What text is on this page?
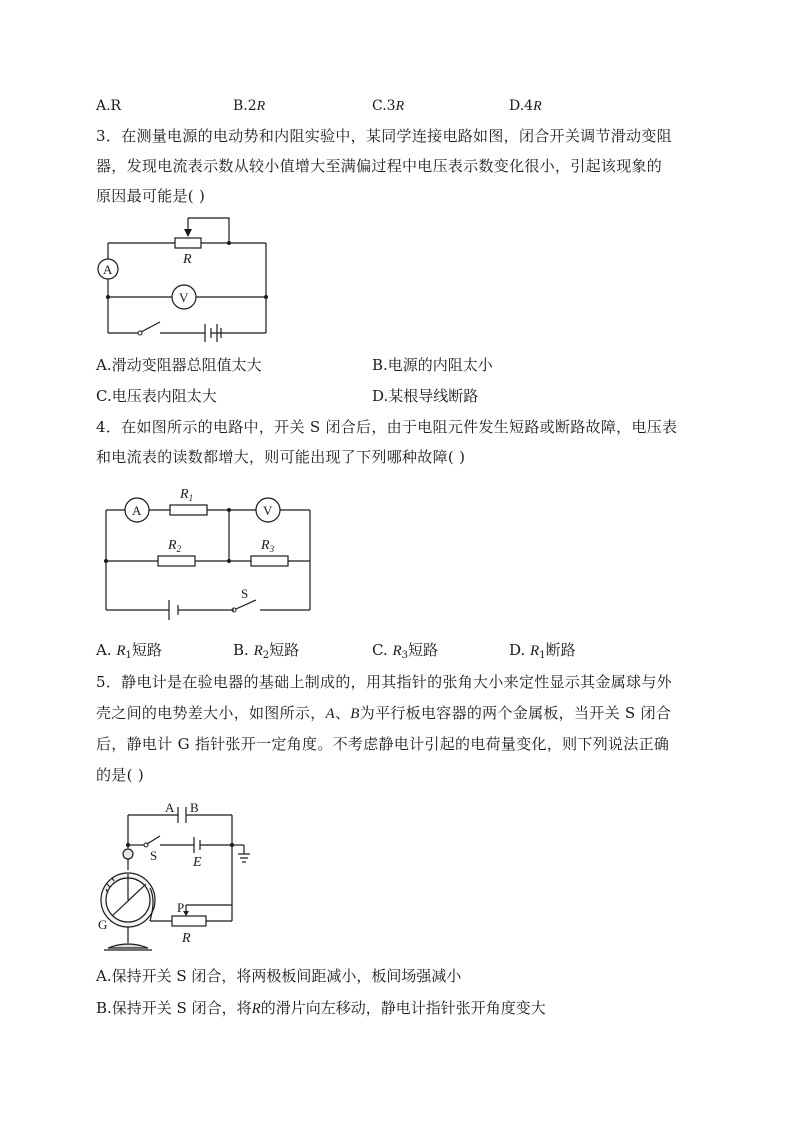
A.R	B.2R	C.3R	D.4R
3．在测量电源的电动势和内阻实验中，某同学连接电路如图，闭合开关调节滑动变阻
器，发现电流表示数从较小值增大至满偏过程中电压表示数变化很小，引起该现象的
原因最可能是( )
A
V
R
A.滑动变阻器总阻值太大	B.电源的内阻太小
C.电压表内阻太大	D.某根导线断路
4．在如图所示的电路中，开关 S 闭合后，由于电阻元件发生短路或断路故障，电压表
和电流表的读数都增大，则可能出现了下列哪种故障( )
A	V
$R_1$
$R_2$	$R_3$
S
A. $R_1$短路	B. $R_2$短路	C. $R_3$短路	D. $R_1$断路
5．静电计是在验电器的基础上制成的，用其指针的张角大小来定性显示其金属球与外
壳之间的电势差大小，如图所示，A、B为平行板电容器的两个金属板，当开关 S 闭合
后，静电计 G 指针张开一定角度。不考虑静电计引起的电荷量变化，则下列说法正确
的是( )
A B
S	E
G
P
R
A.保持开关 S 闭合，将两极板间距减小，板间场强减小
B.保持开关 S 闭合，将R的滑片向左移动，静电计指针张开角度变大
